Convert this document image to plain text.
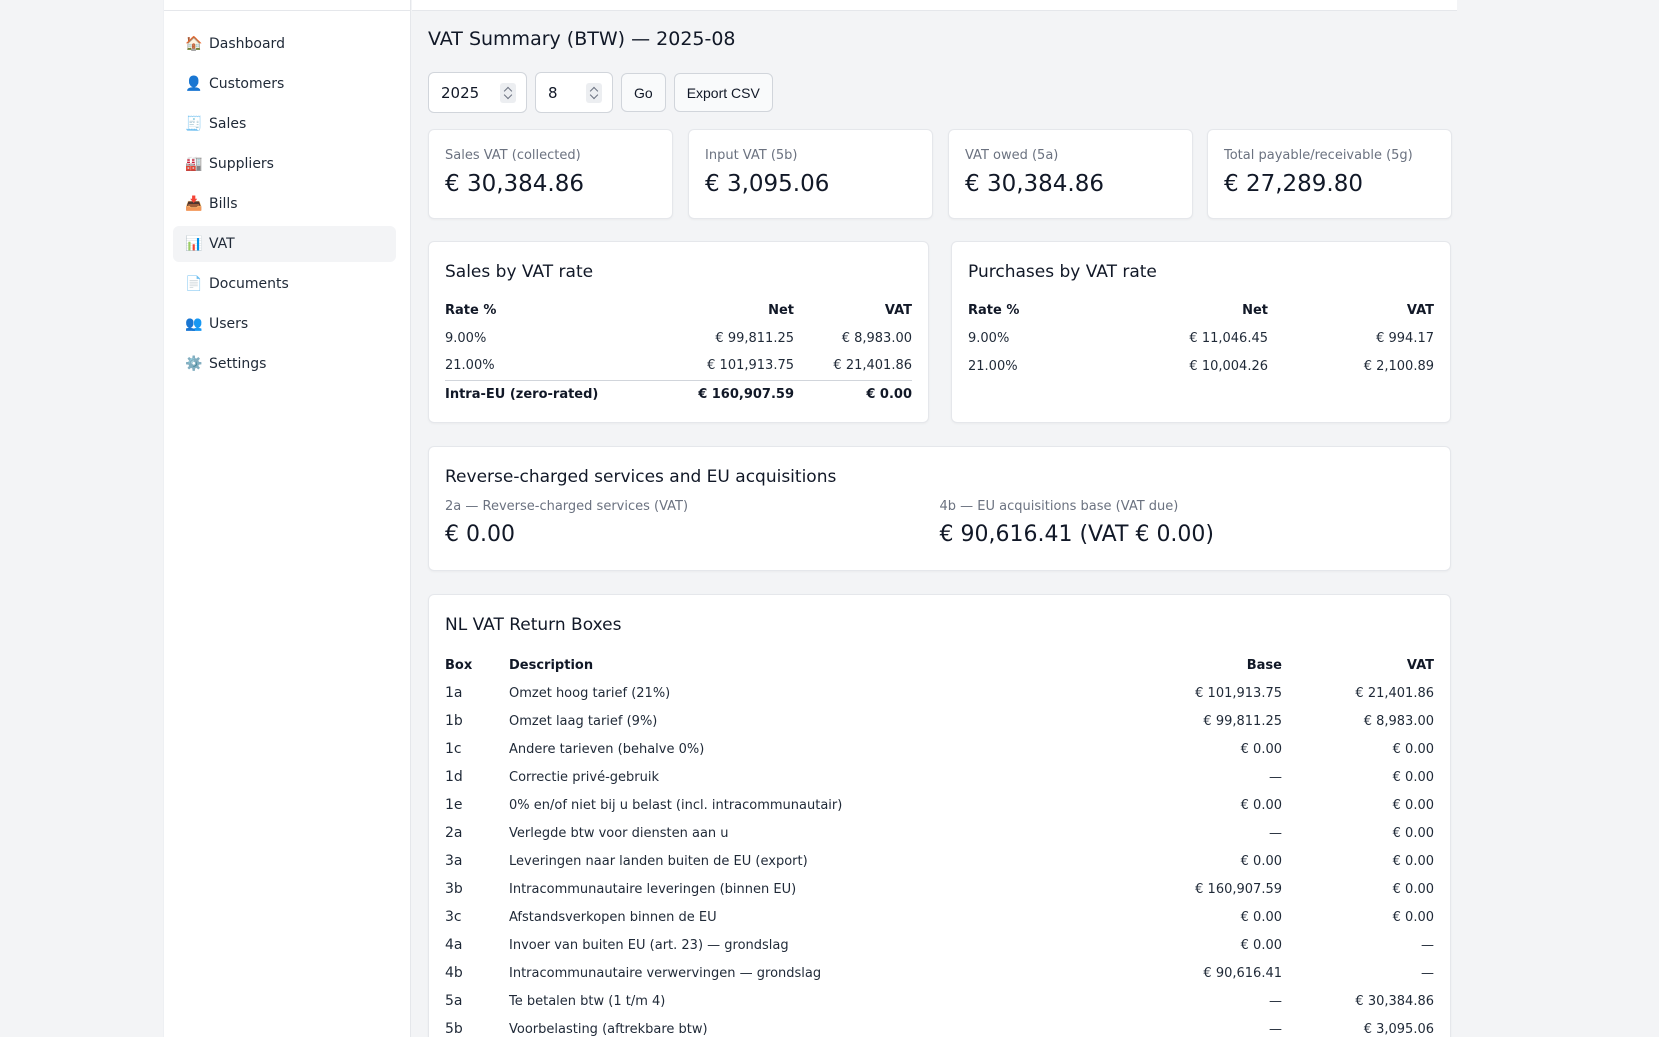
🏠 Dashboard
👤 Customers
🧾 Sales
🏭 Suppliers
📥 Bills
📊 VAT
📄 Documents
👥 Users
⚙️ Settings
VAT Summary (BTW) — 2025-08
2025	8	Go	Export CSV
Sales VAT (collected)
€ 30,384.86
Input VAT (5b)
€ 3,095.06
VAT owed (5a)
€ 30,384.86
Total payable/receivable (5g)
€ 27,289.80
Sales by VAT rate
Rate %	Net	VAT
9.00%	€ 99,811.25	€ 8,983.00
21.00%	€ 101,913.75	€ 21,401.86
Intra-EU (zero-rated)	€ 160,907.59	€ 0.00
Purchases by VAT rate
Rate %	Net	VAT
9.00%	€ 11,046.45	€ 994.17
21.00%	€ 10,004.26	€ 2,100.89
Reverse-charged services and EU acquisitions
2a — Reverse-charged services (VAT)
€ 0.00
4b — EU acquisitions base (VAT due)
€ 90,616.41 (VAT € 0.00)
NL VAT Return Boxes
Box	Description	Base	VAT
1a	Omzet hoog tarief (21%)	€ 101,913.75	€ 21,401.86
1b	Omzet laag tarief (9%)	€ 99,811.25	€ 8,983.00
1c	Andere tarieven (behalve 0%)	€ 0.00	€ 0.00
1d	Correctie privé-gebruik	—	€ 0.00
1e	0% en/of niet bij u belast (incl. intracommunautair)	€ 0.00	€ 0.00
2a	Verlegde btw voor diensten aan u	—	€ 0.00
3a	Leveringen naar landen buiten de EU (export)	€ 0.00	€ 0.00
3b	Intracommunautaire leveringen (binnen EU)	€ 160,907.59	€ 0.00
3c	Afstandsverkopen binnen de EU	€ 0.00	€ 0.00
4a	Invoer van buiten EU (art. 23) — grondslag	€ 0.00	—
4b	Intracommunautaire verwervingen — grondslag	€ 90,616.41	—
5a	Te betalen btw (1 t/m 4)	—	€ 30,384.86
5b	Voorbelasting (aftrekbare btw)	—	€ 3,095.06
